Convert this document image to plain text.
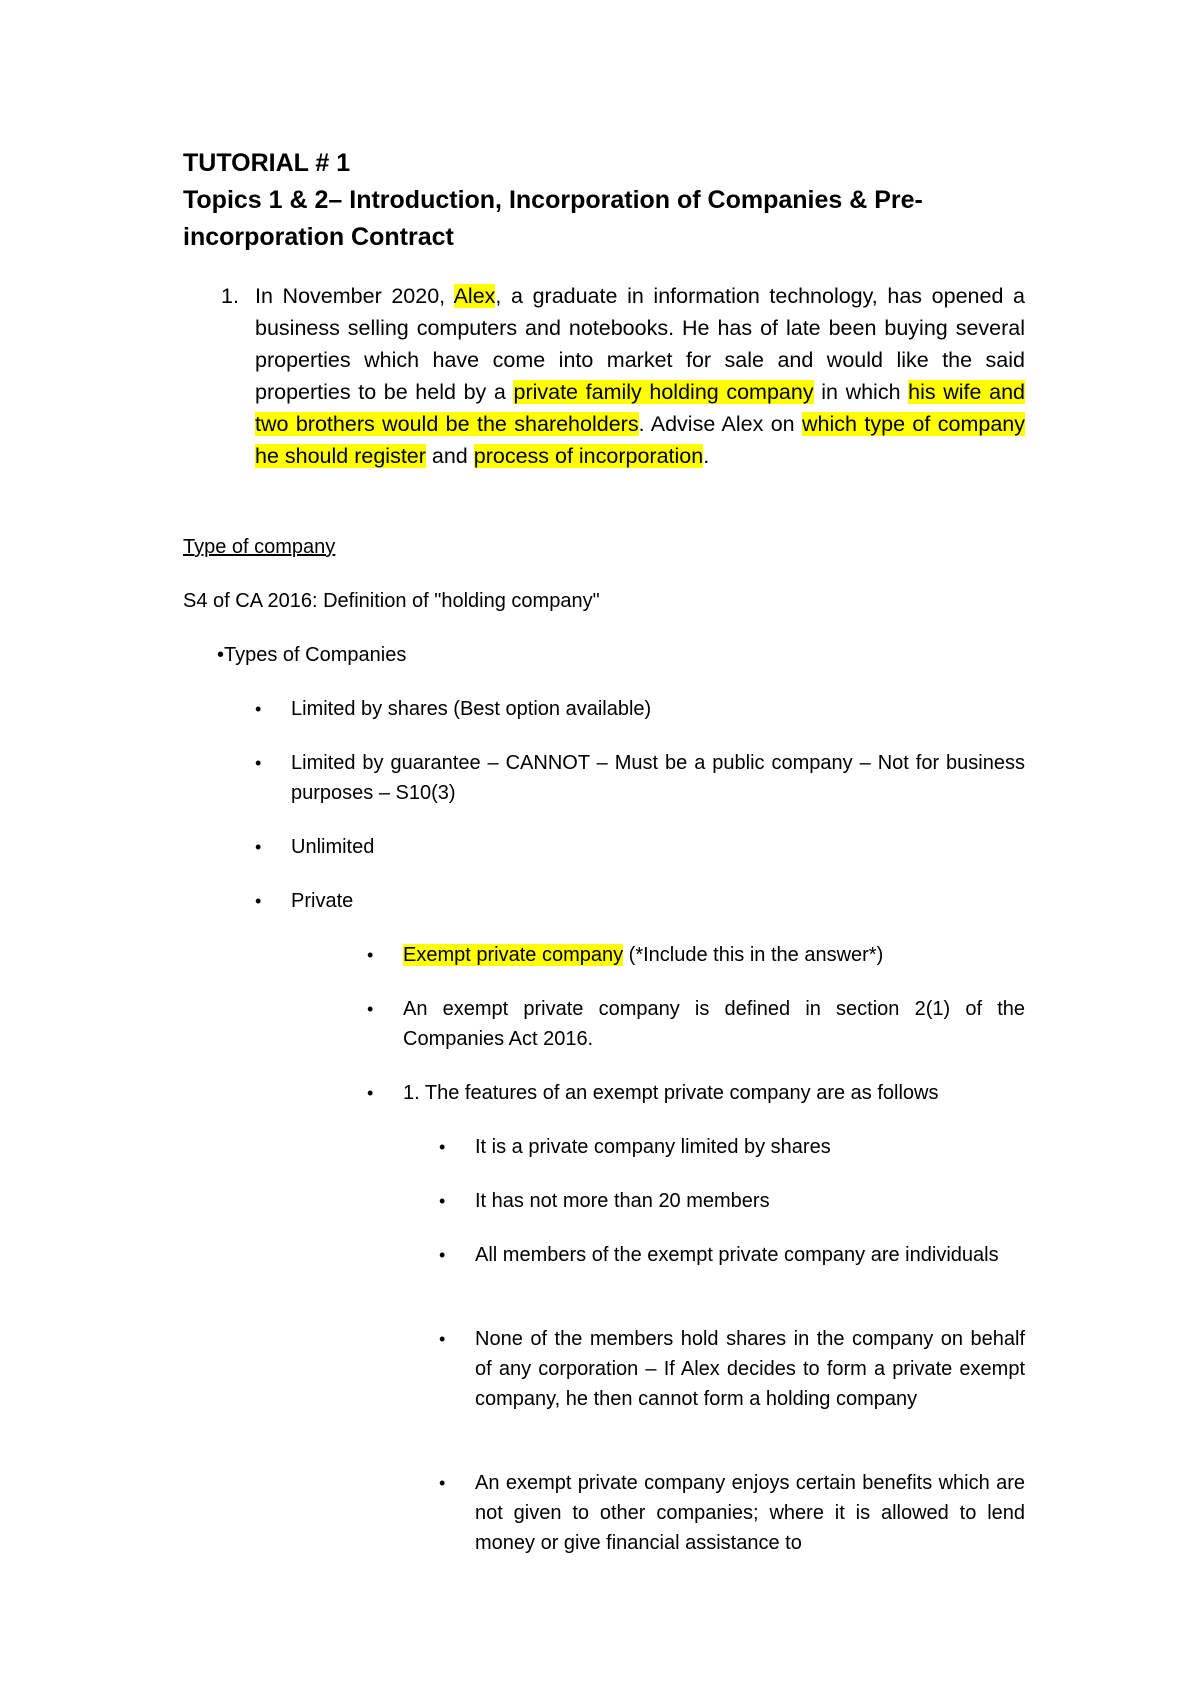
TUTORIAL # 1
Topics 1 & 2– Introduction, Incorporation of Companies & Pre-incorporation Contract
1. In November 2020, Alex, a graduate in information technology, has opened a business selling computers and notebooks. He has of late been buying several properties which have come into market for sale and would like the said properties to be held by a private family holding company in which his wife and two brothers would be the shareholders. Advise Alex on which type of company he should register and process of incorporation.
Type of company
S4 of CA 2016: Definition of "holding company"
•Types of Companies
• Limited by shares (Best option available)
• Limited by guarantee – CANNOT – Must be a public company – Not for business purposes – S10(3)
• Unlimited
• Private
• Exempt private company (*Include this in the answer*)
• An exempt private company is defined in section 2(1) of the Companies Act 2016.
• 1. The features of an exempt private company are as follows
• It is a private company limited by shares
• It has not more than 20 members
• All members of the exempt private company are individuals
• None of the members hold shares in the company on behalf of any corporation – If Alex decides to form a private exempt company, he then cannot form a holding company
• An exempt private company enjoys certain benefits which are not given to other companies; where it is allowed to lend money or give financial assistance to
